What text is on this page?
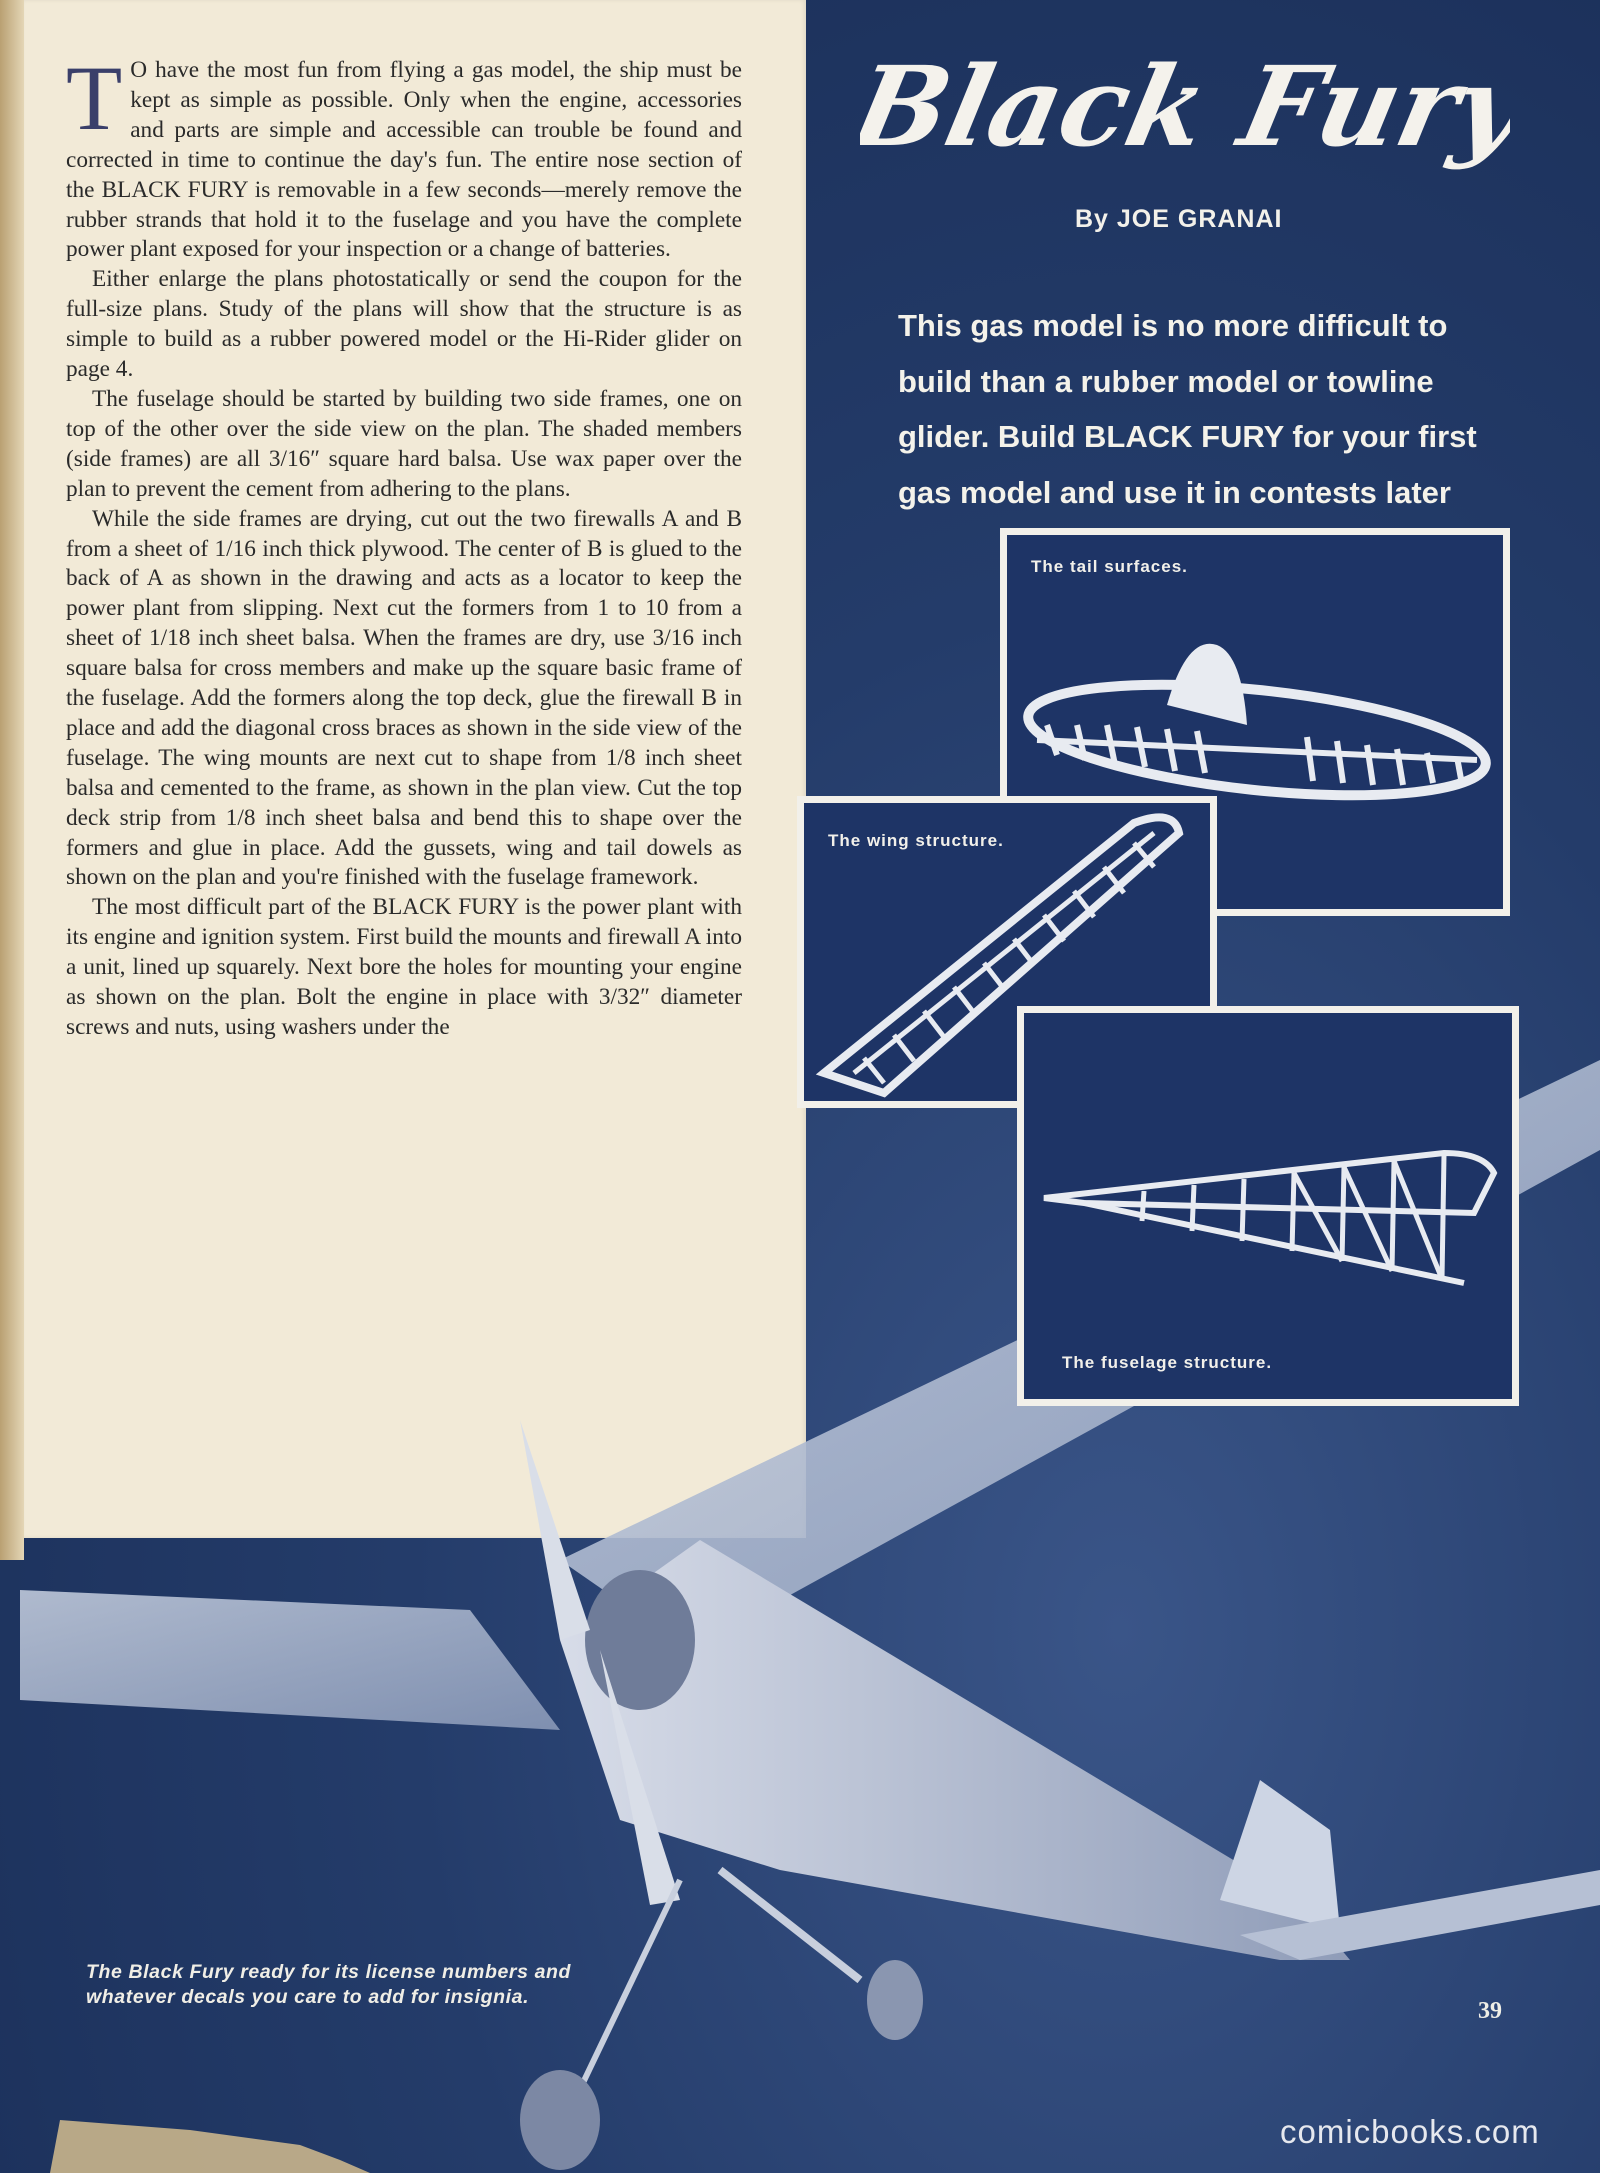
T O have the most fun from flying a gas model, the ship must be kept as simple as possible. Only when the engine, accessories and parts are simple and accessible can trouble be found and corrected in time to continue the day's fun. The entire nose section of the BLACK FURY is removable in a few seconds—merely remove the rubber strands that hold it to the fuselage and you have the complete power plant exposed for your inspection or a change of batteries.

Either enlarge the plans photostatically or send the coupon for the full-size plans. Study of the plans will show that the structure is as simple to build as a rubber powered model or the Hi-Rider glider on page 4.

The fuselage should be started by building two side frames, one on top of the other over the side view on the plan. The shaded members (side frames) are all 3/16″ square hard balsa. Use wax paper over the plan to prevent the cement from adhering to the plans.

While the side frames are drying, cut out the two firewalls A and B from a sheet of 1/16 inch thick plywood. The center of B is glued to the back of A as shown in the drawing and acts as a locator to keep the power plant from slipping. Next cut the formers from 1 to 10 from a sheet of 1/18 inch sheet balsa. When the frames are dry, use 3/16 inch square balsa for cross members and make up the square basic frame of the fuselage. Add the formers along the top deck, glue the firewall B in place and add the diagonal cross braces as shown in the side view of the fuselage. The wing mounts are next cut to shape from 1/8 inch sheet balsa and cemented to the frame, as shown in the plan view. Cut the top deck strip from 1/8 inch sheet balsa and bend this to shape over the formers and glue in place. Add the gussets, wing and tail dowels as shown on the plan and you're finished with the fuselage framework.

The most difficult part of the BLACK FURY is the power plant with its engine and ignition system. First build the mounts and firewall A into a unit, lined up squarely. Next bore the holes for mounting your engine as shown on the plan. Bolt the engine in place with 3/32″ diameter screws and nuts, using washers under the

Black Fury
By JOE GRANAI
This gas model is no more difficult to
build than a rubber model or towline
glider. Build BLACK FURY for your first
gas model and use it in contests later
The tail surfaces.
The wing structure.
The fuselage structure.
The Black Fury ready for its license numbers and
whatever decals you care to add for insignia.
39
comicbooks.com
